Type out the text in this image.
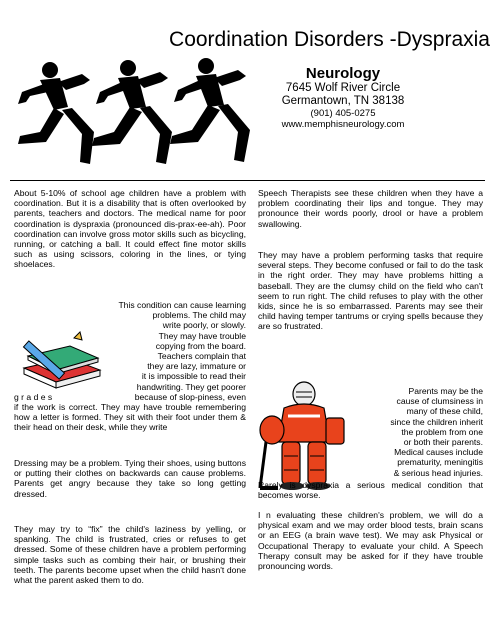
Coordination Disorders -Dyspraxia
Neurology
7645 Wolf River Circle
Germantown, TN 38138
(901) 405-0275
www.memphisneurology.com

About 5-10% of school age children have a problem with coordination. But it is a disability that is often overlooked by parents, teachers and doctors. The medical name for poor coordination is dyspraxia (pronounced dis-prax-ee-ah). Poor coordination can involve gross motor skills such as bicycling, running, or catching a ball. It could effect fine motor skills such as using scissors, coloring in the lines, or tying shoelaces.

This condition can cause learning

problems. The child may

write poorly, or slowly.

They may have trouble

copying from the board.

Teachers complain that

they are lazy, immature or

it is impossible to read their

handwriting. They get poorer

g r a d e s	because of slop-piness, even

if the work is correct. They may have trouble remembering how a letter is formed. They sit with their foot under them & their head on their desk, while they write

Dressing may be a problem. Tying their shoes, using buttons or putting their clothes on backwards can cause problems. Parents get angry because they take so long getting dressed.

They may try to “fix” the child's laziness by yelling, or spanking. The child is frustrated, cries or refuses to get dressed. Some of these children have a problem performing simple tasks such as combing their hair, or brushing their teeth. The parents become upset when the child hasn't done what the parent asked them to do.

Speech Therapists see these children when they have a problem coordinating their lips and tongue. They may pronounce their words poorly, drool or have a problem swallowing.

They may have a problem performing tasks that require several steps. They become confused or fail to do the task in the right order. They may have problems hitting a baseball. They are the clumsy child on the field who can't seem to run right. The child refuses to play with the other kids, since he is so embarrassed. Parents may see their child having temper tantrums or crying spells because they are so frustrated.

Parents may be the

cause of clumsiness in

many of these child,

since the children inherit

the problem from one

or both their parents.

Medical causes include

prematurity, meningitis

& serious head injuries.

Rarely is dyspraxia a serious medical condition that becomes worse.

I n evaluating these children's problem, we will do a physical exam and we may order blood tests, brain scans or an EEG (a brain wave test). We may ask Physical or Occupational Therapy to evaluate your child. A Speech Therapy consult may be asked for if they have trouble pronouncing words.
